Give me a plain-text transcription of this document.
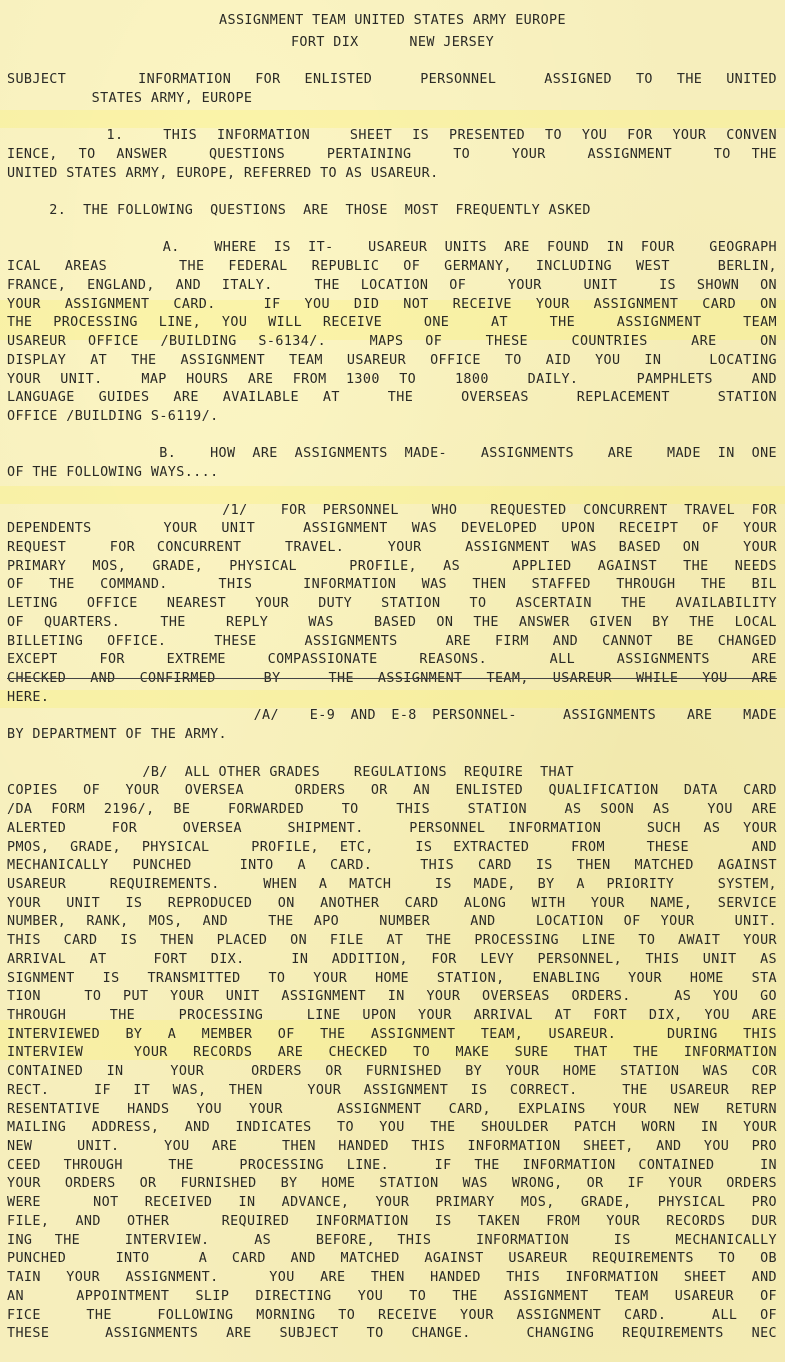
ASSIGNMENT TEAM UNITED STATES ARMY EUROPE
FORT DIX      NEW JERSEY
SUBJECT   INFORMATION FOR ENLISTED  PERSONNEL  ASSIGNED TO THE UNITED
STATES ARMY, EUROPE
1.  THIS INFORMATION  SHEET IS PRESENTED TO YOU FOR YOUR CONVEN
IENCE, TO ANSWER  QUESTIONS  PERTAINING  TO  YOUR  ASSIGNMENT  TO THE
UNITED STATES ARMY, EUROPE, REFERRED TO AS USAREUR.
2.  THE FOLLOWING  QUESTIONS  ARE  THOSE  MOST  FREQUENTLY ASKED
A.  WHERE IS IT-  USAREUR UNITS ARE FOUND IN FOUR  GEOGRAPH
ICAL AREAS   THE FEDERAL REPUBLIC OF GERMANY, INCLUDING WEST  BERLIN,
FRANCE, ENGLAND, AND ITALY.  THE LOCATION OF  YOUR  UNIT  IS SHOWN ON
YOUR ASSIGNMENT CARD.  IF YOU DID NOT RECEIVE YOUR ASSIGNMENT CARD ON
THE PROCESSING LINE, YOU WILL RECEIVE  ONE  AT  THE  ASSIGNMENT  TEAM
USAREUR OFFICE /BUILDING S-6134/.  MAPS OF  THESE  COUNTRIES  ARE  ON
DISPLAY AT THE ASSIGNMENT TEAM USAREUR OFFICE TO AID YOU IN  LOCATING
YOUR UNIT.  MAP HOURS ARE FROM 1300 TO  1800  DAILY.   PAMPHLETS  AND
LANGUAGE GUIDES ARE AVAILABLE AT  THE  OVERSEAS  REPLACEMENT  STATION
OFFICE /BUILDING S-6119/.
B.  HOW ARE ASSIGNMENTS MADE-  ASSIGNMENTS  ARE  MADE IN ONE
OF THE FOLLOWING WAYS....
/1/  FOR PERSONNEL  WHO  REQUESTED CONCURRENT TRAVEL FOR
DEPENDENTS   YOUR UNIT  ASSIGNMENT WAS DEVELOPED UPON RECEIPT OF YOUR
REQUEST  FOR CONCURRENT  TRAVEL.  YOUR  ASSIGNMENT WAS BASED ON  YOUR
PRIMARY MOS, GRADE, PHYSICAL  PROFILE, AS  APPLIED AGAINST THE NEEDS
OF THE COMMAND.  THIS  INFORMATION WAS THEN STAFFED THROUGH THE BIL
LETING OFFICE NEAREST YOUR DUTY STATION TO ASCERTAIN THE AVAILABILITY
OF QUARTERS.  THE  REPLY  WAS  BASED ON THE ANSWER GIVEN BY THE LOCAL
BILLETING OFFICE.  THESE  ASSIGNMENTS  ARE FIRM AND CANNOT BE CHANGED
EXCEPT  FOR  EXTREME  COMPASSIONATE  REASONS.   ALL  ASSIGNMENTS  ARE
CHECKED AND CONFIRMED  BY  THE ASSIGNMENT TEAM, USAREUR WHILE YOU ARE
HERE.
/A/  E-9 AND E-8 PERSONNEL-   ASSIGNMENTS  ARE  MADE
BY DEPARTMENT OF THE ARMY.
/B/  ALL OTHER GRADES    REGULATIONS  REQUIRE  THAT
COPIES OF YOUR OVERSEA  ORDERS OR AN ENLISTED QUALIFICATION DATA CARD
/DA FORM 2196/, BE  FORWARDED  TO  THIS  STATION  AS SOON AS  YOU ARE
ALERTED  FOR  OVERSEA  SHIPMENT.  PERSONNEL INFORMATION  SUCH AS YOUR
PMOS, GRADE, PHYSICAL  PROFILE, ETC,  IS EXTRACTED  FROM  THESE   AND
MECHANICALLY PUNCHED  INTO A CARD.  THIS CARD IS THEN MATCHED AGAINST
USAREUR  REQUIREMENTS.  WHEN A MATCH  IS MADE, BY A PRIORITY  SYSTEM,
YOUR UNIT IS REPRODUCED ON ANOTHER CARD ALONG WITH YOUR NAME, SERVICE
NUMBER, RANK, MOS, AND  THE APO  NUMBER  AND  LOCATION OF YOUR  UNIT.
THIS CARD IS THEN PLACED ON FILE AT THE PROCESSING LINE TO AWAIT YOUR
ARRIVAL AT  FORT DIX.  IN ADDITION, FOR LEVY PERSONNEL, THIS UNIT AS
SIGNMENT IS TRANSMITTED TO YOUR HOME STATION, ENABLING YOUR HOME STA
TION  TO PUT YOUR UNIT ASSIGNMENT IN YOUR OVERSEAS ORDERS.  AS YOU GO
THROUGH  THE  PROCESSING  LINE UPON YOUR ARRIVAL AT FORT DIX, YOU ARE
INTERVIEWED BY A MEMBER OF THE ASSIGNMENT TEAM, USAREUR.  DURING THIS
INTERVIEW  YOUR RECORDS ARE CHECKED TO MAKE SURE THAT THE INFORMATION
CONTAINED IN  YOUR  ORDERS OR FURNISHED BY YOUR HOME STATION WAS COR
RECT.  IF IT WAS, THEN  YOUR ASSIGNMENT IS CORRECT.  THE USAREUR REP
RESENTATIVE HANDS YOU YOUR  ASSIGNMENT CARD, EXPLAINS YOUR NEW RETURN
MAILING ADDRESS, AND INDICATES TO YOU THE SHOULDER PATCH WORN IN YOUR
NEW  UNIT.  YOU ARE  THEN HANDED THIS INFORMATION SHEET, AND YOU PRO
CEED THROUGH  THE  PROCESSING LINE.  IF THE INFORMATION CONTAINED  IN
YOUR ORDERS OR FURNISHED BY HOME STATION WAS WRONG, OR IF YOUR ORDERS
WERE  NOT RECEIVED IN ADVANCE, YOUR PRIMARY MOS, GRADE, PHYSICAL PRO
FILE, AND OTHER  REQUIRED INFORMATION IS TAKEN FROM YOUR RECORDS DUR
ING THE  INTERVIEW.  AS  BEFORE, THIS  INFORMATION  IS  MECHANICALLY
PUNCHED  INTO  A CARD AND MATCHED AGAINST USAREUR REQUIREMENTS TO OB
TAIN YOUR ASSIGNMENT.  YOU ARE THEN HANDED THIS INFORMATION SHEET AND
AN  APPOINTMENT SLIP DIRECTING YOU TO THE ASSIGNMENT TEAM USAREUR OF
FICE  THE  FOLLOWING MORNING TO RECEIVE YOUR ASSIGNMENT CARD.  ALL OF
THESE  ASSIGNMENTS ARE SUBJECT TO CHANGE.  CHANGING REQUIREMENTS NEC
